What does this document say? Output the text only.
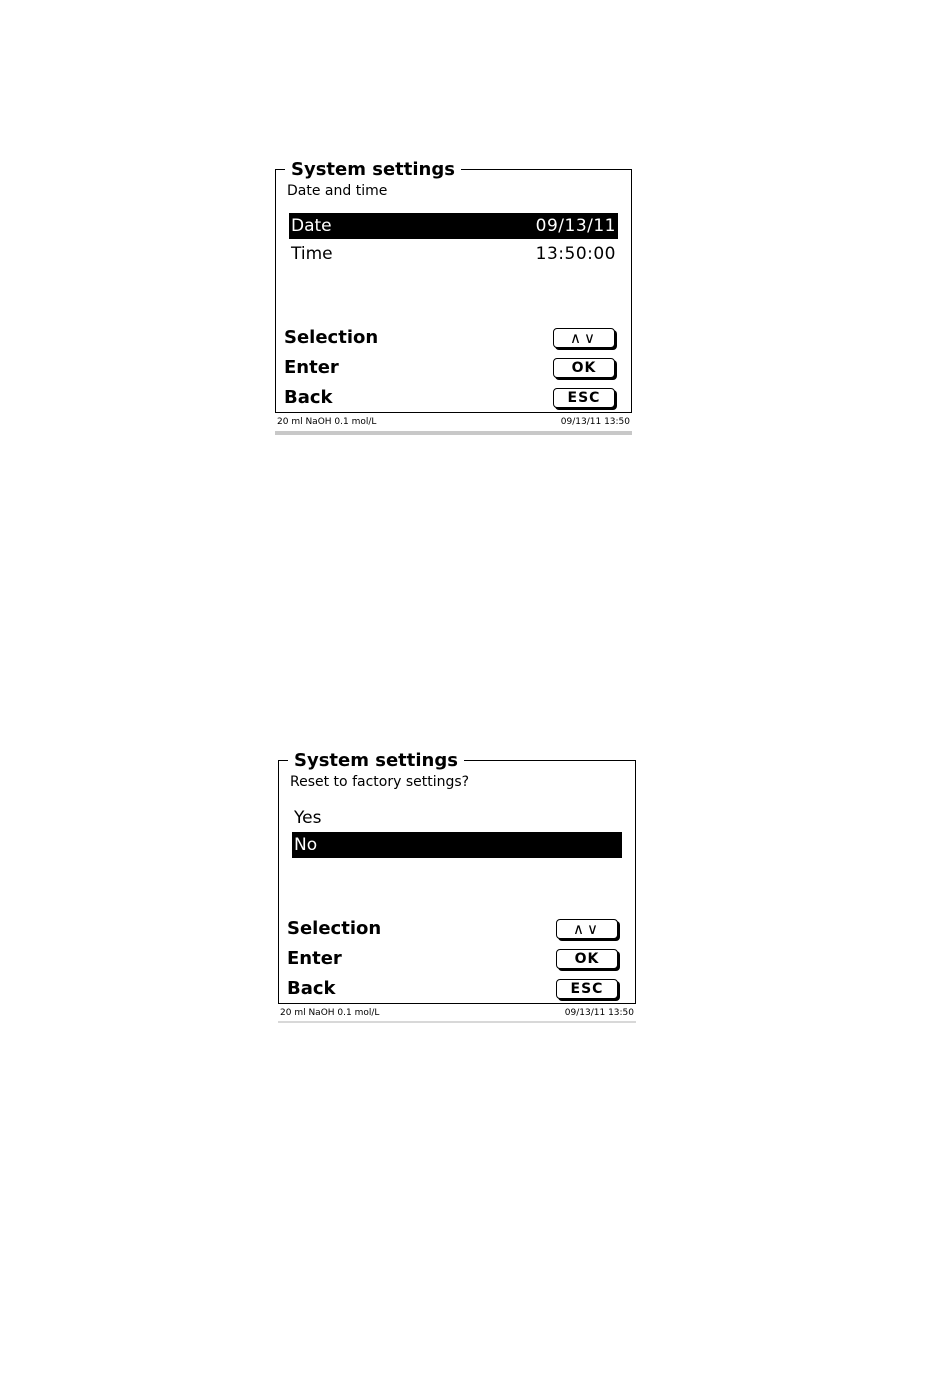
System settings
Date and time
Date	09/13/11
Time	13:50:00
Selection	∧∨
Enter	OK
Back	ESC
20 ml NaOH 0.1 mol/L	09/13/11 13:50
System settings
Reset to factory settings?
Yes
No
Selection	∧∨
Enter	OK
Back	ESC
20 ml NaOH 0.1 mol/L	09/13/11 13:50
